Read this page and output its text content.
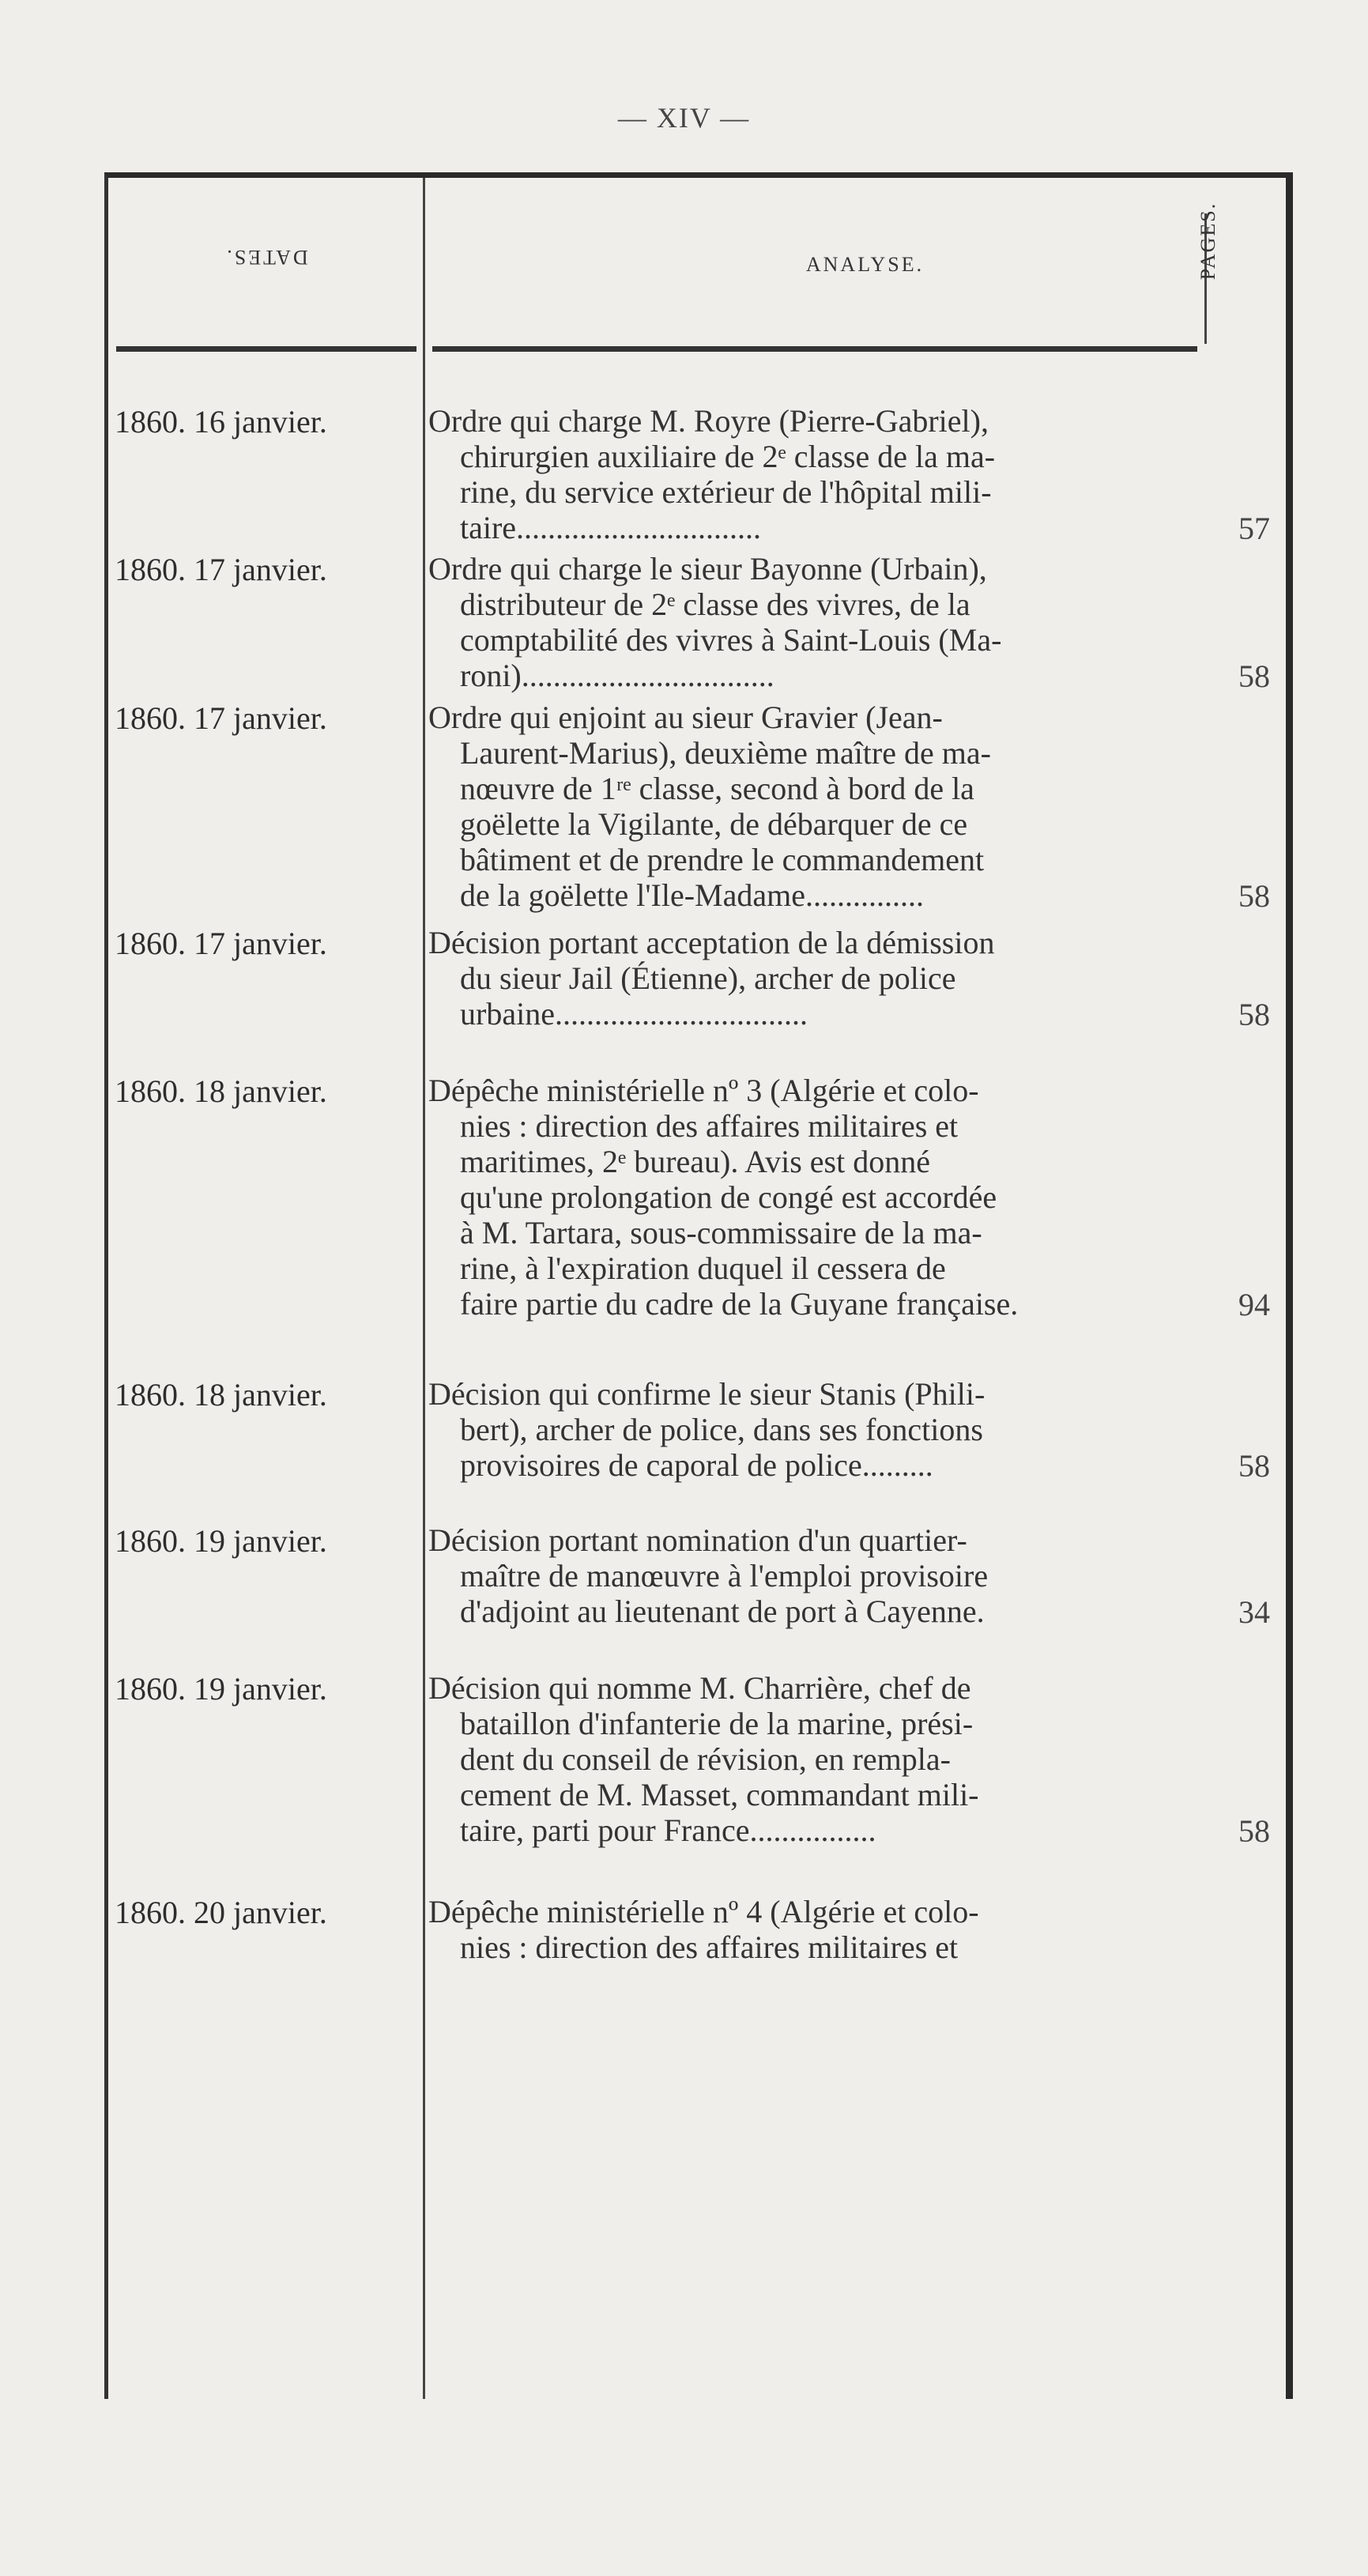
— XIV —
DATES.	ANALYSE.	PAGES.
1860. 16 janvier.	Ordre qui charge M. Royre (Pierre-Gabriel),
chirurgien auxiliaire de 2ᵉ classe de la ma-
rine, du service extérieur de l'hôpital mili-
taire...............................	57
1860. 17 janvier.	Ordre qui charge le sieur Bayonne (Urbain),
distributeur de 2ᵉ classe des vivres, de la
comptabilité des vivres à Saint-Louis (Ma-
roni)................................	58
1860. 17 janvier.	Ordre qui enjoint au sieur Gravier (Jean-
Laurent-Marius), deuxième maître de ma-
nœuvre de 1ʳᵉ classe, second à bord de la
goëlette la Vigilante, de débarquer de ce
bâtiment et de prendre le commandement
de la goëlette l'Ile-Madame...............	58
1860. 17 janvier.	Décision portant acceptation de la démission
du sieur Jail (Étienne), archer de police
urbaine................................	58
1860. 18 janvier.	Dépêche ministérielle nº 3 (Algérie et colo-
nies : direction des affaires militaires et
maritimes, 2ᵉ bureau). Avis est donné
qu'une prolongation de congé est accordée
à M. Tartara, sous-commissaire de la ma-
rine, à l'expiration duquel il cessera de
faire partie du cadre de la Guyane française.	94
1860. 18 janvier.	Décision qui confirme le sieur Stanis (Phili-
bert), archer de police, dans ses fonctions
provisoires de caporal de police.........	58
1860. 19 janvier.	Décision portant nomination d'un quartier-
maître de manœuvre à l'emploi provisoire
d'adjoint au lieutenant de port à Cayenne.	34
1860. 19 janvier.	Décision qui nomme M. Charrière, chef de
bataillon d'infanterie de la marine, prési-
dent du conseil de révision, en rempla-
cement de M. Masset, commandant mili-
taire, parti pour France................	58
1860. 20 janvier.	Dépêche ministérielle nº 4 (Algérie et colo-
nies : direction des affaires militaires et
